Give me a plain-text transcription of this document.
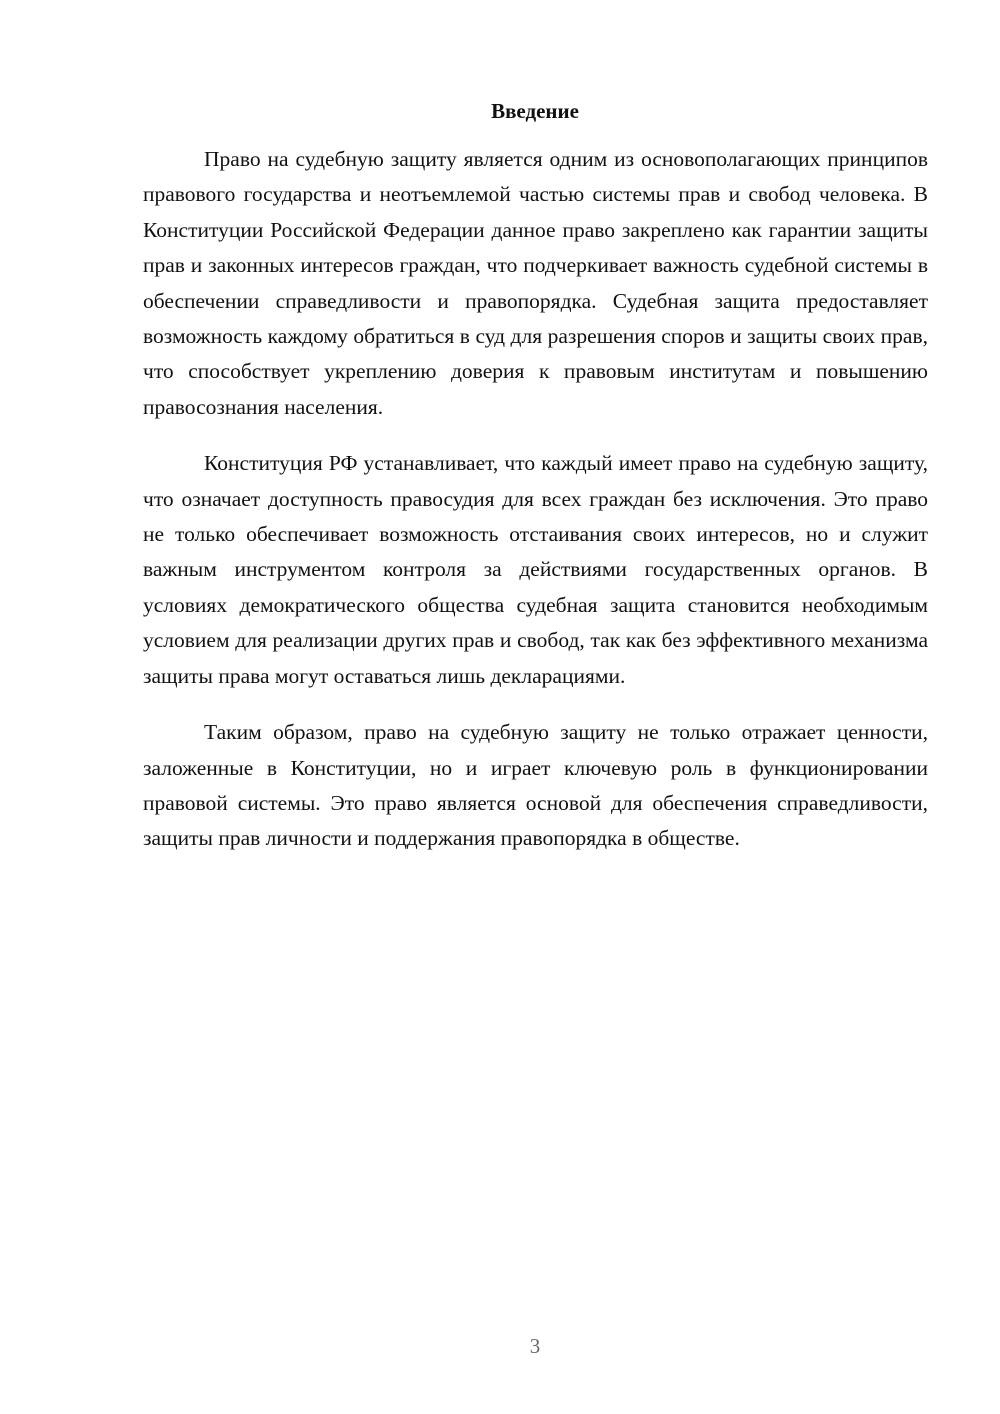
Введение

Право на судебную защиту является одним из основополагающих принципов правового государства и неотъемлемой частью системы прав и свобод человека. В Конституции Российской Федерации данное право закреплено как гарантии защиты прав и законных интересов граждан, что подчеркивает важность судебной системы в обеспечении справедливости и правопорядка. Судебная защита предоставляет возможность каждому обратиться в суд для разрешения споров и защиты своих прав, что способствует укреплению доверия к правовым институтам и повышению правосознания населения.

Конституция РФ устанавливает, что каждый имеет право на судебную защиту, что означает доступность правосудия для всех граждан без исключения. Это право не только обеспечивает возможность отстаивания своих интересов, но и служит важным инструментом контроля за действиями государственных органов. В условиях демократического общества судебная защита становится необходимым условием для реализации других прав и свобод, так как без эффективного механизма защиты права могут оставаться лишь декларациями.

Таким образом, право на судебную защиту не только отражает ценности, заложенные в Конституции, но и играет ключевую роль в функционировании правовой системы. Это право является основой для обеспечения справедливости, защиты прав личности и поддержания правопорядка в обществе.

3
